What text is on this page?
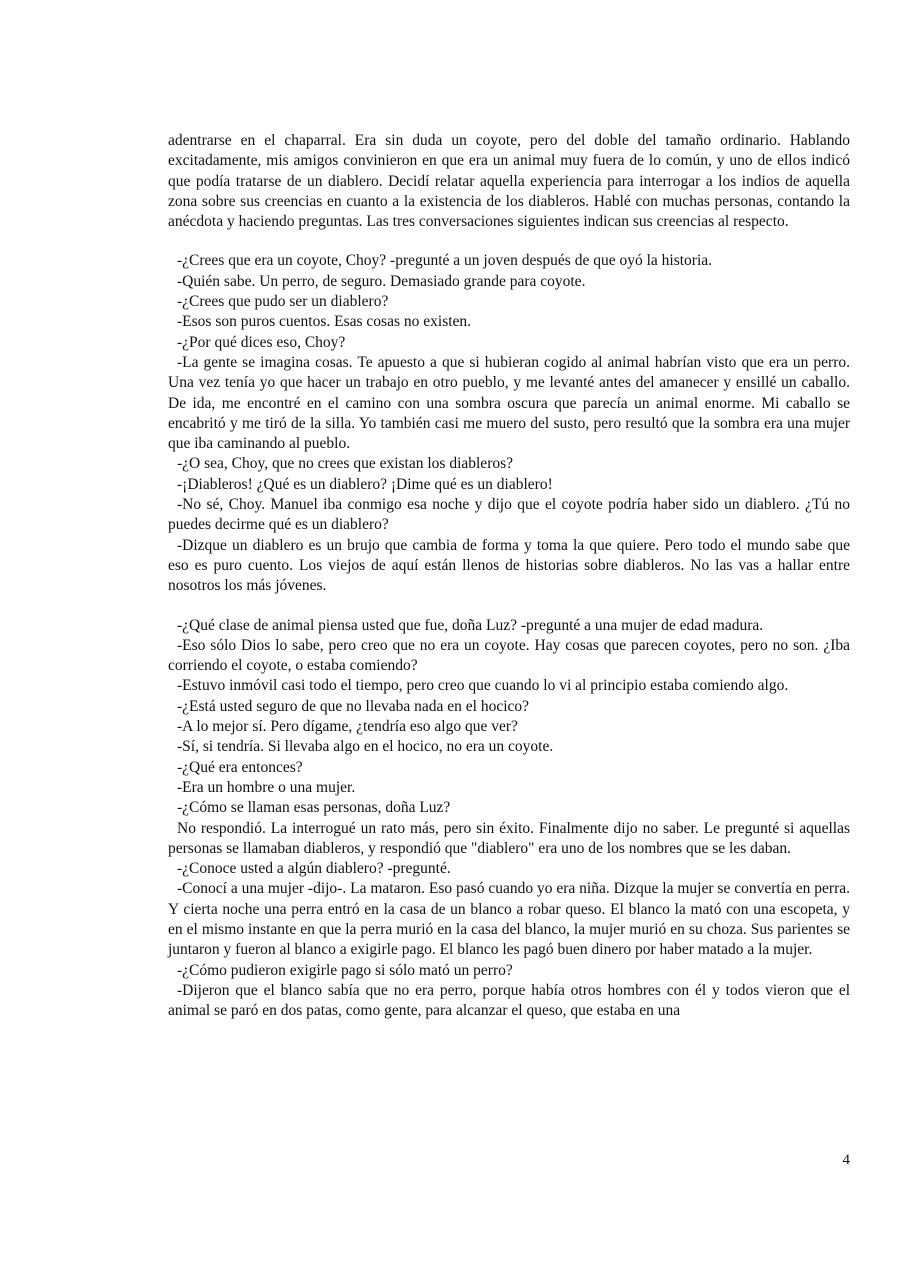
adentrarse en el chaparral. Era sin duda un coyote, pero del doble del tamaño ordinario. Hablando excitadamente, mis amigos convinieron en que era un animal muy fuera de lo común, y uno de ellos indicó que podía tratarse de un diablero. Decidí relatar aquella experiencia para interrogar a los indios de aquella zona sobre sus creencias en cuanto a la existencia de los diableros. Hablé con muchas personas, contando la anécdota y haciendo preguntas. Las tres conversaciones siguientes indican sus creencias al respecto.

-¿Crees que era un coyote, Choy? -pregunté a un joven después de que oyó la historia.

-Quién sabe. Un perro, de seguro. Demasiado grande para coyote.

-¿Crees que pudo ser un diablero?

-Esos son puros cuentos. Esas cosas no existen.

-¿Por qué dices eso, Choy?

-La gente se imagina cosas. Te apuesto a que si hubieran cogido al animal habrían visto que era un perro. Una vez tenía yo que hacer un trabajo en otro pueblo, y me levanté antes del amanecer y ensillé un caballo. De ida, me encontré en el camino con una sombra oscura que parecía un animal enorme. Mi caballo se encabritó y me tiró de la silla. Yo también casi me muero del susto, pero resultó que la sombra era una mujer que iba caminando al pueblo.

-¿O sea, Choy, que no crees que existan los diableros?

-¡Diableros! ¿Qué es un diablero? ¡Dime qué es un diablero!

-No sé, Choy. Manuel iba conmigo esa noche y dijo que el coyote podría haber sido un diablero. ¿Tú no puedes decirme qué es un diablero?

-Dizque un diablero es un brujo que cambia de forma y toma la que quiere. Pero todo el mundo sabe que eso es puro cuento. Los viejos de aquí están llenos de historias sobre diableros. No las vas a hallar entre nosotros los más jóvenes.

-¿Qué clase de animal piensa usted que fue, doña Luz? -pregunté a una mujer de edad madura.

-Eso sólo Dios lo sabe, pero creo que no era un coyote. Hay cosas que parecen coyotes, pero no son. ¿Iba corriendo el coyote, o estaba comiendo?

-Estuvo inmóvil casi todo el tiempo, pero creo que cuando lo vi al principio estaba comiendo algo.

-¿Está usted seguro de que no llevaba nada en el hocico?

-A lo mejor sí. Pero dígame, ¿tendría eso algo que ver?

-Sí, si tendría. Si llevaba algo en el hocico, no era un coyote.

-¿Qué era entonces?

-Era un hombre o una mujer.

-¿Cómo se llaman esas personas, doña Luz?

No respondió. La interrogué un rato más, pero sin éxito. Finalmente dijo no saber. Le pregunté si aquellas personas se llamaban diableros, y respondió que "diablero" era uno de los nombres que se les daban.

-¿Conoce usted a algún diablero? -pregunté.

-Conocí a una mujer -dijo-. La mataron. Eso pasó cuando yo era niña. Dizque la mujer se convertía en perra. Y cierta noche una perra entró en la casa de un blanco a robar queso. El blanco la mató con una escopeta, y en el mismo instante en que la perra murió en la casa del blanco, la mujer murió en su choza. Sus parientes se juntaron y fueron al blanco a exigirle pago. El blanco les pagó buen dinero por haber matado a la mujer.

-¿Cómo pudieron exigirle pago si sólo mató un perro?

-Dijeron que el blanco sabía que no era perro, porque había otros hombres con él y todos vieron que el animal se paró en dos patas, como gente, para alcanzar el queso, que estaba en una

4
